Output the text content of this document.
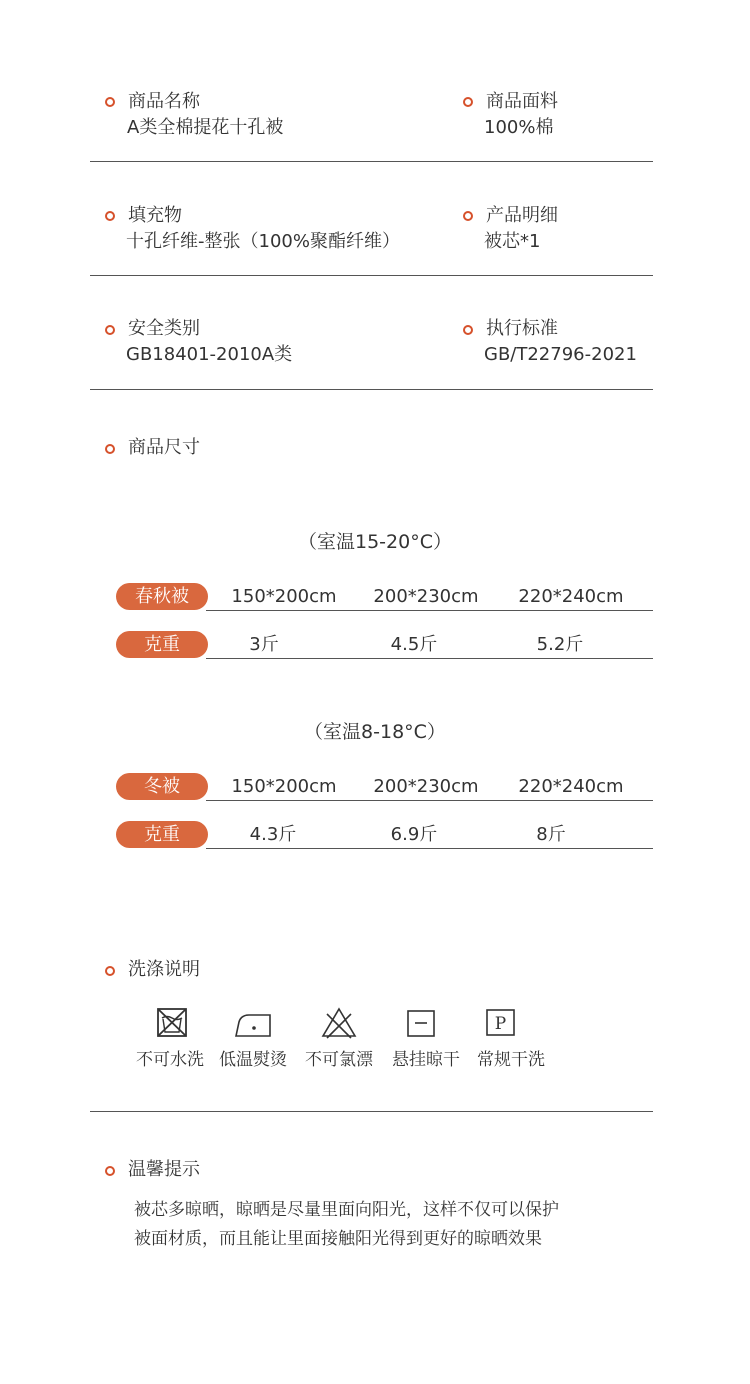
商品名称
A类全棉提花十孔被
商品面料
100%棉
填充物
十孔纤维-整张（100%聚酯纤维）
产品明细
被芯*1
安全类别
GB18401-2010A类
执行标准
GB/T22796-2021
商品尺寸
（室温15-20°C）
春秋被	150*200cm	200*230cm	220*240cm
克重	3斤	4.5斤	5.2斤
（室温8-18°C）
冬被	150*200cm	200*230cm	220*240cm
克重	4.3斤	6.9斤	8斤
洗涤说明
不可水洗 低温熨烫	不可氯漂	悬挂晾干
P
常规干洗
温馨提示
被芯多晾晒，晾晒是尽量里面向阳光，这样不仅可以保护
被面材质，而且能让里面接触阳光得到更好的晾晒效果
